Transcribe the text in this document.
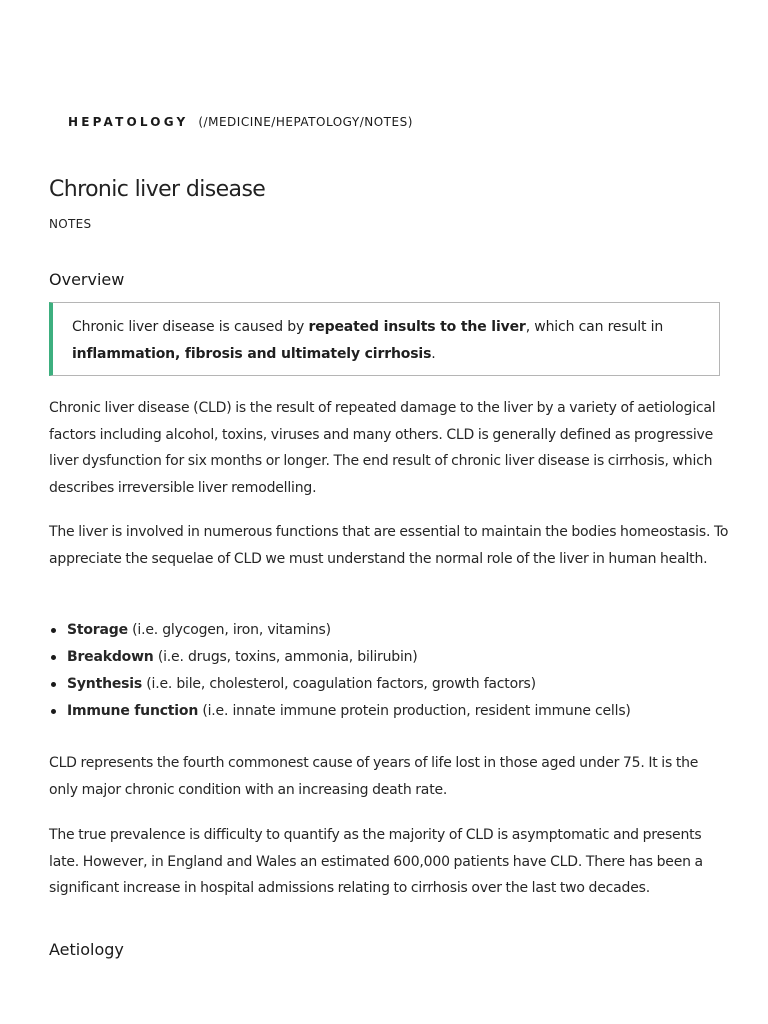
HEPATOLOGY (/MEDICINE/HEPATOLOGY/NOTES)
Chronic liver disease
NOTES
Overview
Chronic liver disease is caused by repeated insults to the liver, which can result in
inflammation, fibrosis and ultimately cirrhosis.

Chronic liver disease (CLD) is the result of repeated damage to the liver by a variety of aetiological factors including alcohol, toxins, viruses and many others. CLD is generally defined as progressive liver dysfunction for six months or longer. The end result of chronic liver disease is cirrhosis, which describes irreversible liver remodelling.

The liver is involved in numerous functions that are essential to maintain the bodies homeostasis. To appreciate the sequelae of CLD we must understand the normal role of the liver in human health.

Storage (i.e. glycogen, iron, vitamins)
Breakdown (i.e. drugs, toxins, ammonia, bilirubin)
Synthesis (i.e. bile, cholesterol, coagulation factors, growth factors)
Immune function (i.e. innate immune protein production, resident immune cells)

CLD represents the fourth commonest cause of years of life lost in those aged under 75. It is the only major chronic condition with an increasing death rate.

The true prevalence is difficulty to quantify as the majority of CLD is asymptomatic and presents late. However, in England and Wales an estimated 600,000 patients have CLD. There has been a significant increase in hospital admissions relating to cirrhosis over the last two decades.

Aetiology
